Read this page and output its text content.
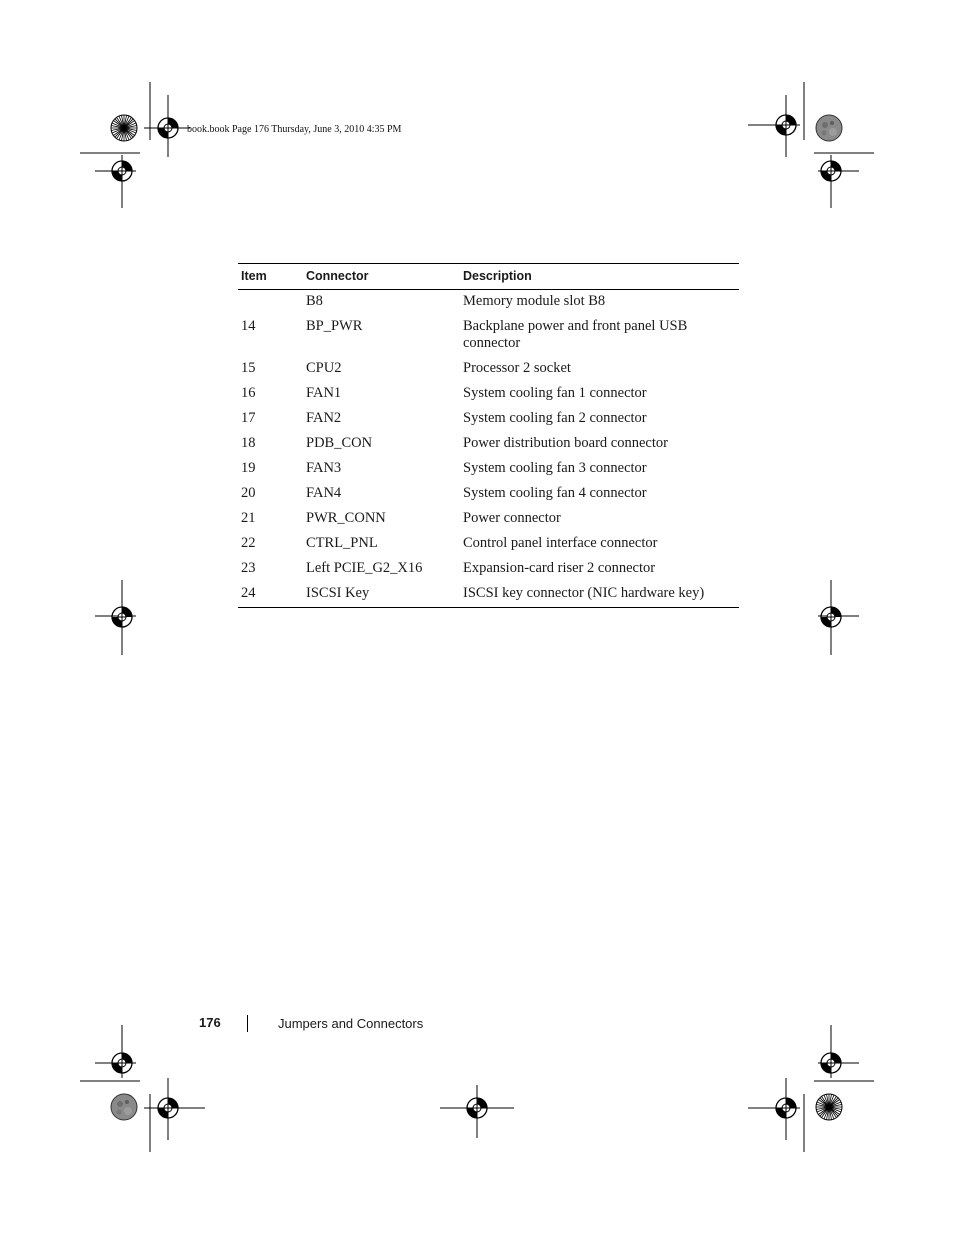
book.book Page 176 Thursday, June 3, 2010 4:35 PM
Item	Connector	Description
	B8	Memory module slot B8
14	BP_PWR	Backplane power and front panel USB connector
15	CPU2	Processor 2 socket
16	FAN1	System cooling fan 1 connector
17	FAN2	System cooling fan 2 connector
18	PDB_CON	Power distribution board connector
19	FAN3	System cooling fan 3 connector
20	FAN4	System cooling fan 4 connector
21	PWR_CONN	Power connector
22	CTRL_PNL	Control panel interface connector
23	Left PCIE_G2_X16	Expansion-card riser 2 connector
24	ISCSI Key	ISCSI key connector (NIC hardware key)
176	Jumpers and Connectors
